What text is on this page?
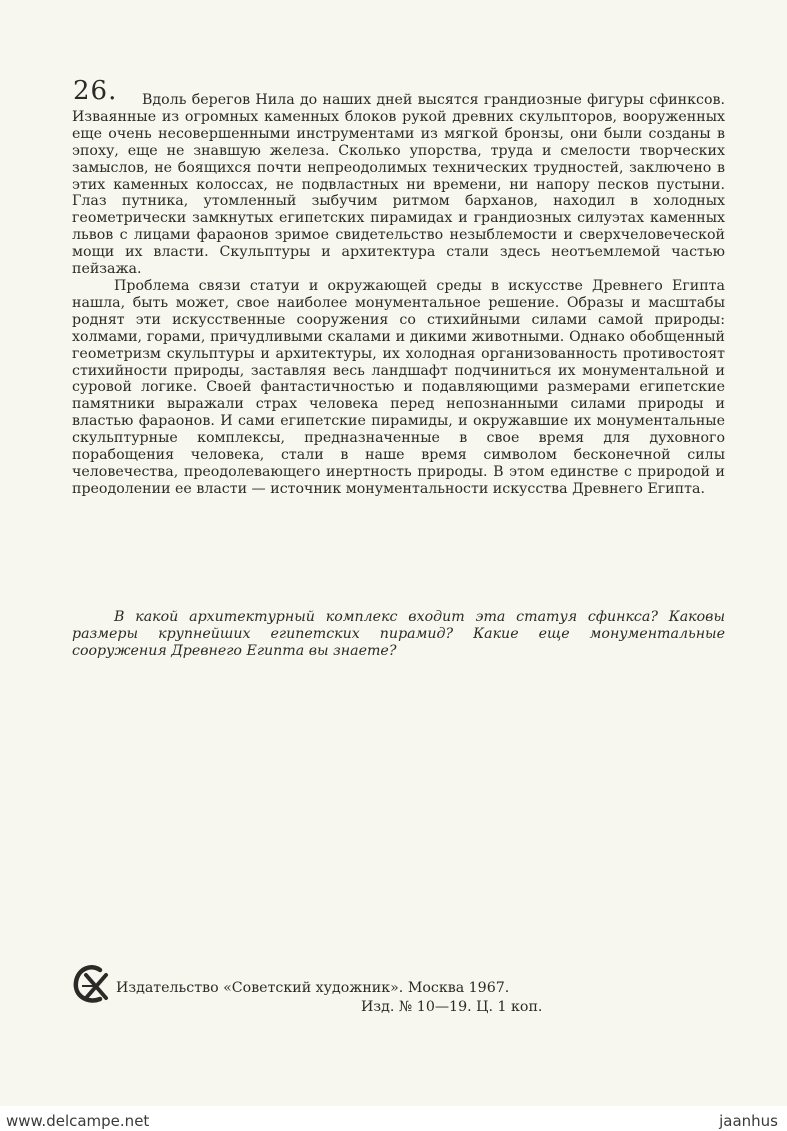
26.	Вдоль берегов Нила до наших дней высятся грандиозные фигуры сфинксов. Изваянные из огромных каменных блоков рукой древних скульпторов, вооруженных еще очень несовершенными инструментами из мягкой бронзы, они были созданы в эпоху, еще не знавшую железа. Сколько упорства, труда и смелости творческих замыслов, не боящихся почти непреодолимых технических трудностей, заключено в этих каменных колоссах, не подвластных ни времени, ни напору песков пустыни. Глаз путника, утомленный зыбучим ритмом барханов, находил в холодных геометрически замкнутых египетских пирамидах и грандиозных силуэтах каменных львов с лицами фараонов зримое свидетельство незыблемости и сверхчеловеческой мощи их власти. Скульптуры и архитектура стали здесь неотъемлемой частью пейзажа.

Проблема связи статуи и окружающей среды в искусстве Древнего Египта нашла, быть может, свое наиболее монументальное решение. Образы и масштабы роднят эти искусственные сооружения со стихийными силами самой природы: холмами, горами, причудливыми скалами и дикими животными. Однако обобщенный геометризм скульптуры и архитектуры, их холодная организованность противостоят стихийности природы, заставляя весь ландшафт подчиниться их монументальной и суровой логике. Своей фантастичностью и подавляющими размерами египетские памятники выражали страх человека перед непознанными силами природы и властью фараонов. И сами египетские пирамиды, и окружавшие их монументальные скульптурные комплексы, предназначенные в свое время для духовного порабощения человека, стали в наше время символом бесконечной силы человечества, преодолевающего инертность природы. В этом единстве с природой и преодолении ее власти — источник монументальности искусства Древнего Египта.

В какой архитектурный комплекс входит эта статуя сфинкса? Каковы размеры крупнейших египетских пирамид? Какие еще монументальные сооружения Древнего Египта вы знаете?
Издательство «Советский художник». Москва 1967.
Изд. № 10—19. Ц. 1 коп.
www.delcampe.net	jaanhus
